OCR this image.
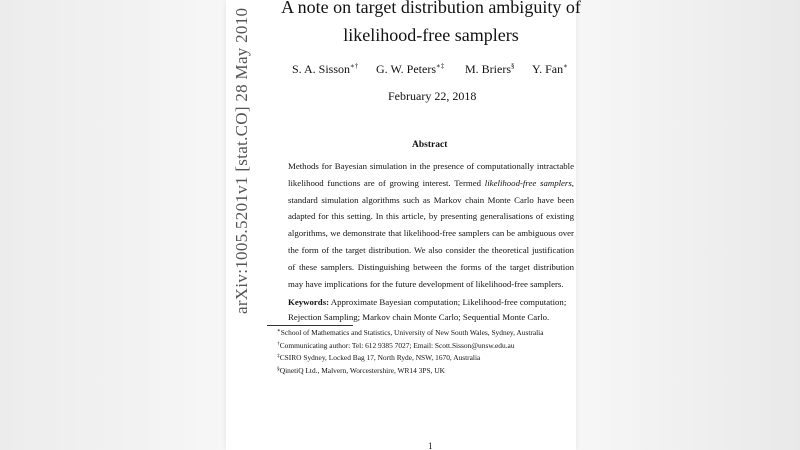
arXiv:1005.5201v1 [stat.CO] 28 May 2010
A note on target distribution ambiguity of
likelihood-free samplers
S. A. Sisson∗† G. W. Peters∗‡ M. Briers§ Y. Fan∗
February 22, 2018
Abstract
Methods for Bayesian simulation in the presence of computationally intractable
likelihood functions are of growing interest. Termed likelihood-free samplers,
standard simulation algorithms such as Markov chain Monte Carlo have been
adapted for this setting. In this article, by presenting generalisations of existing
algorithms, we demonstrate that likelihood-free samplers can be ambiguous over
the form of the target distribution. We also consider the theoretical justification
of these samplers. Distinguishing between the forms of the target distribution
may have implications for the future development of likelihood-free samplers.
Keywords: Approximate Bayesian computation; Likelihood-free computation;
Rejection Sampling; Markov chain Monte Carlo; Sequential Monte Carlo.
∗School of Mathematics and Statistics, University of New South Wales, Sydney, Australia
†Communicating author: Tel: 612 9385 7027; Email: Scott.Sisson@unsw.edu.au
‡CSIRO Sydney, Locked Bag 17, North Ryde, NSW, 1670, Australia
§QinetiQ Ltd., Malvern, Worcestershire, WR14 3PS, UK
1
